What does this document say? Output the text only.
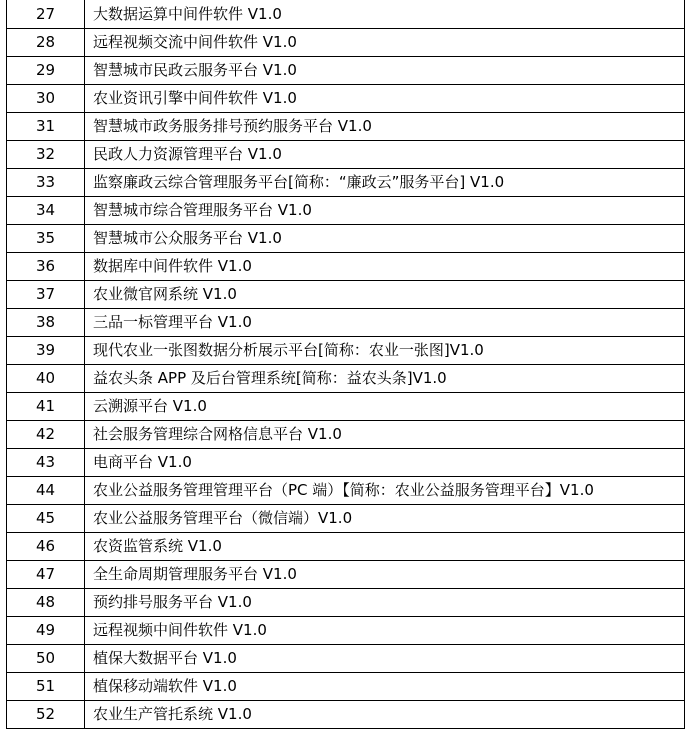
27	大数据运算中间件软件 V1.0
28	远程视频交流中间件软件 V1.0
29	智慧城市民政云服务平台 V1.0
30	农业资讯引擎中间件软件 V1.0
31	智慧城市政务服务排号预约服务平台 V1.0
32	民政人力资源管理平台 V1.0
33	监察廉政云综合管理服务平台[简称：“廉政云”服务平台] V1.0
34	智慧城市综合管理服务平台 V1.0
35	智慧城市公众服务平台 V1.0
36	数据库中间件软件 V1.0
37	农业微官网系统 V1.0
38	三品一标管理平台 V1.0
39	现代农业一张图数据分析展示平台[简称：农业一张图]V1.0
40	益农头条 APP 及后台管理系统[简称：益农头条]V1.0
41	云溯源平台 V1.0
42	社会服务管理综合网格信息平台 V1.0
43	电商平台 V1.0
44	农业公益服务管理管理平台（PC 端）【简称：农业公益服务管理平台】V1.0
45	农业公益服务管理平台（微信端）V1.0
46	农资监管系统 V1.0
47	全生命周期管理服务平台 V1.0
48	预约排号服务平台 V1.0
49	远程视频中间件软件 V1.0
50	植保大数据平台 V1.0
51	植保移动端软件 V1.0
52	农业生产管托系统 V1.0
